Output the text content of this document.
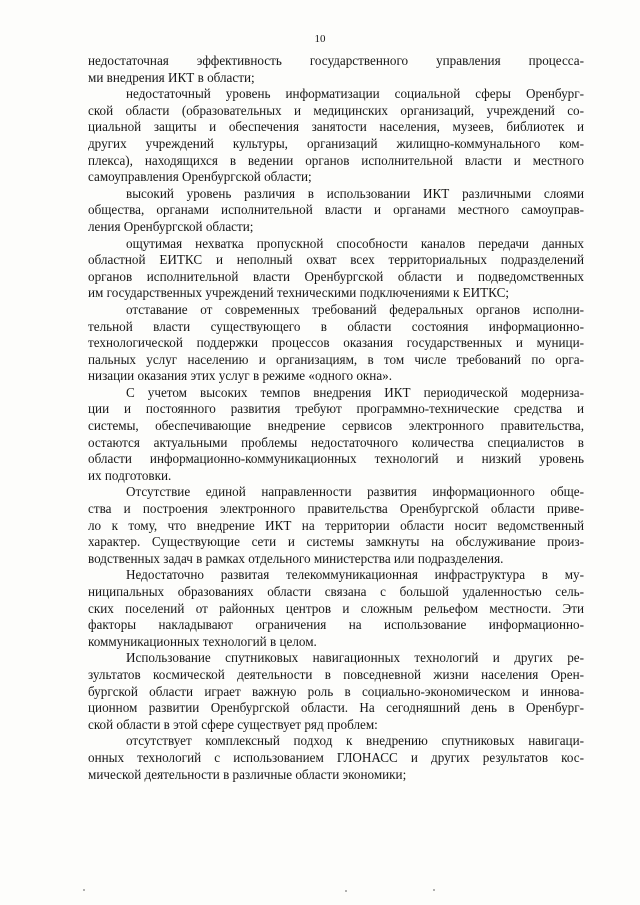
10
недостаточная эффективность государственного управления процесса-
ми внедрения ИКТ в области;
недостаточный уровень информатизации социальной сферы Оренбург-
ской области (образовательных и медицинских организаций, учреждений со-
циальной защиты и обеспечения занятости населения, музеев, библиотек и
других учреждений культуры, организаций жилищно-коммунального ком-
плекса), находящихся в ведении органов исполнительной власти и местного
самоуправления Оренбургской области;
высокий уровень различия в использовании ИКТ различными слоями
общества, органами исполнительной власти и органами местного самоуправ-
ления Оренбургской области;
ощутимая нехватка пропускной способности каналов передачи данных
областной ЕИТКС и неполный охват всех территориальных подразделений
органов исполнительной власти Оренбургской области и подведомственных
им государственных учреждений техническими подключениями к ЕИТКС;
отставание от современных требований федеральных органов исполни-
тельной власти существующего в области состояния информационно-
технологической поддержки процессов оказания государственных и муници-
пальных услуг населению и организациям, в том числе требований по орга-
низации оказания этих услуг в режиме «одного окна».
С учетом высоких темпов внедрения ИКТ периодической модерниза-
ции и постоянного развития требуют программно-технические средства и
системы, обеспечивающие внедрение сервисов электронного правительства,
остаются актуальными проблемы недостаточного количества специалистов в
области информационно-коммуникационных технологий и низкий уровень
их подготовки.
Отсутствие единой направленности развития информационного обще-
ства и построения электронного правительства Оренбургской области приве-
ло к тому, что внедрение ИКТ на территории области носит ведомственный
характер. Существующие сети и системы замкнуты на обслуживание произ-
водственных задач в рамках отдельного министерства или подразделения.
Недостаточно развитая телекоммуникационная инфраструктура в му-
ниципальных образованиях области связана с большой удаленностью сель-
ских поселений от районных центров и сложным рельефом местности. Эти
факторы накладывают ограничения на использование информационно-
коммуникационных технологий в целом.
Использование спутниковых навигационных технологий и других ре-
зультатов космической деятельности в повседневной жизни населения Орен-
бургской области играет важную роль в социально-экономическом и иннова-
ционном развитии Оренбургской области. На сегодняшний день в Оренбург-
ской области в этой сфере существует ряд проблем:
отсутствует комплексный подход к внедрению спутниковых навигаци-
онных технологий с использованием ГЛОНАСС и других результатов кос-
мической деятельности в различные области экономики;
